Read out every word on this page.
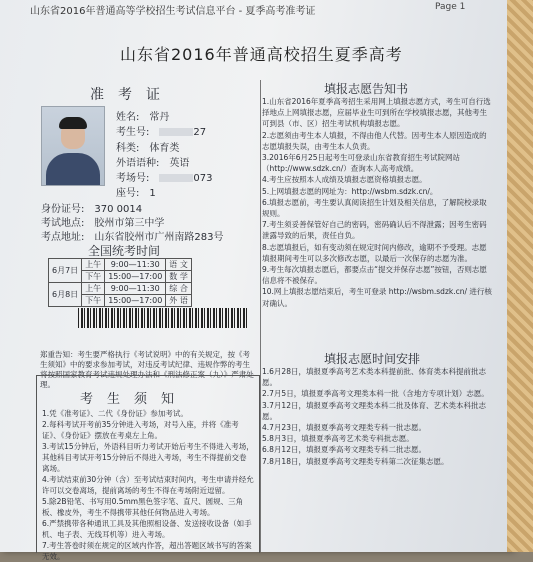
山东省2016年普通高等学校招生考试信息平台 - 夏季高考准考证	Page 1
山东省2016年普通高校招生夏季高考
准考证
姓名: 常丹
考生号:	27
科类: 体育类
外语语种: 英语
考场号:	073
座号: 1
身份证号: 370 0014
考试地点: 胶州市第三中学
考点地址: 山东省胶州市广州南路283号
全国统考时间
6月7日	上午	9:00—11:30	语 文
	下午	15:00—17:00	数 学
6月8日	上午	9:00—11:30	综 合
	下午	15:00—17:00	外 语
郑重告知：考生要严格执行《考试说明》中的有关规定，按《考生须知》中的要求参加考试，对违反考试纪律、违规作弊的考生将按照国家教育考试违规处理办法和《刑法修正案（九）》严肃处理。
考生须知

1.凭《准考证》、二代《身份证》参加考试。

2.每科考试开考前35分钟进入考场，对号入座，并将《准考证》、《身份证》摆放在考桌左上角。

3.考试15分钟后，外语科目听力考试开始后考生不得进入考场，其他科目考试开考15分钟后不得进入考场，考生不得提前交卷离场。

4.考试结束前30分钟（含）至考试结束时间内，考生申请并经允许可以交卷离场，提前离场的考生不得在考场附近逗留。

5.除2B铅笔、书写用0.5mm黑色签字笔、直尺、圆规、三角板、橡皮外，考生不得携带其他任何物品进入考场。

6.严禁携带各种通讯工具及其他照相设备、发送接收设备（如手机、电子表、无线耳机等）进入考场。

7.考生答卷时须在规定的区域内作答，超出答题区域书写的答案无效。

填报志愿告知书

1.山东省2016年夏季高考招生采用网上填报志愿方式，考生可自行选择地点上网填报志愿，应届毕业生可到所在学校填报志愿，其他考生可到县（市、区）招生考试机构填报志愿。

2.志愿须由考生本人填报，不得由他人代替。因考生本人原因造成的志愿填报失误，由考生本人负责。

3.2016年6月25日起考生可登录山东省教育招生考试院网站（http://www.sdzk.cn/）查询本人高考成绩。

4.考生应按照本人成绩及填报志愿资格填报志愿。

5.上网填报志愿的网址为：http://wsbm.sdzk.cn/。

6.填报志愿前，考生要认真阅读招生计划及相关信息，了解院校录取规则。

7.考生须妥善保管好自己的密码，密码确认后不得泄露；因考生密码泄露导致的后果，责任自负。

8.志愿填报后，如有变动须在规定时间内修改，逾期不予受理。志愿填报期间考生可以多次修改志愿，以最后一次保存的志愿为准。

9.考生每次填报志愿后，都要点击“提交并保存志愿”按钮，否则志愿信息将不被保存。

10.网上填报志愿结束后，考生可登录 http://wsbm.sdzk.cn/ 进行核对确认。

填报志愿时间安排

1.6月28日，填报夏季高考艺术类本科提前批、体育类本科提前批志愿。

2.7月5日，填报夏季高考文理类本科一批（含地方专项计划）志愿。

3.7月12日，填报夏季高考文理类本科二批及体育、艺术类本科批志愿。

4.7月23日，填报夏季高考文理类专科一批志愿。

5.8月3日，填报夏季高考艺术类专科批志愿。

6.8月12日，填报夏季高考文理类专科二批志愿。

7.8月18日，填报夏季高考文理类专科第二次征集志愿。
